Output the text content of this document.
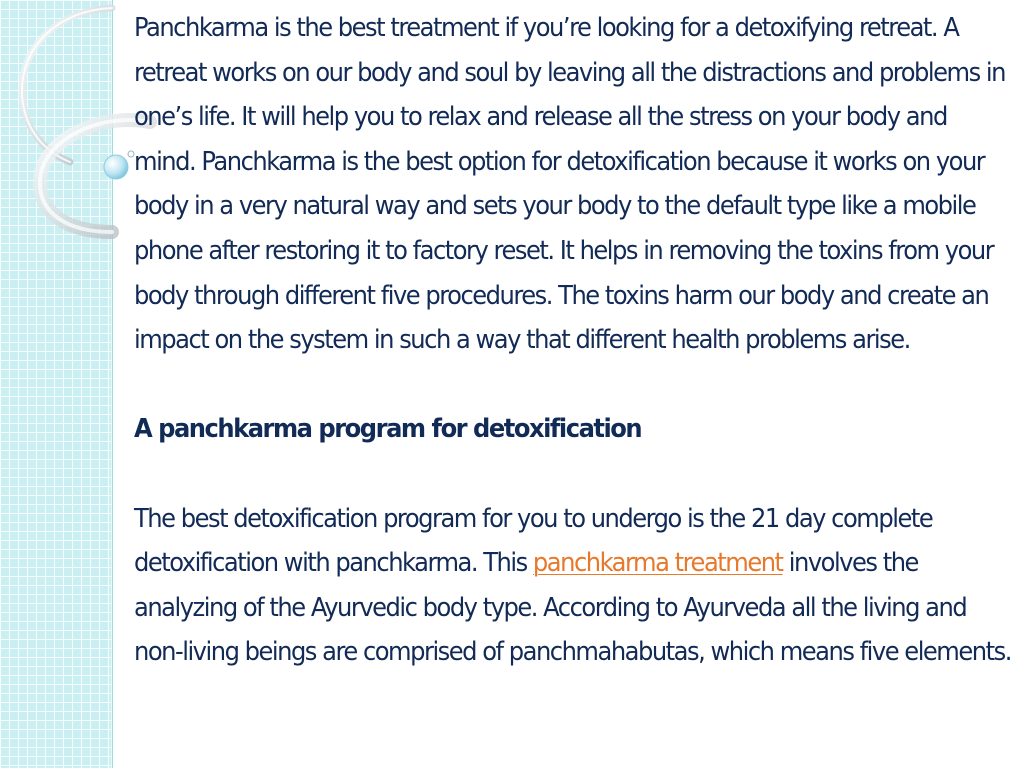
Panchkarma is the best treatment if you’re looking for a detoxifying retreat. A retreat works on our body and soul by leaving all the distractions and problems in one’s life. It will help you to relax and release all the stress on your body and mind. Panchkarma is the best option for detoxification because it works on your body in a very natural way and sets your body to the default type like a mobile phone after restoring it to factory reset. It helps in removing the toxins from your body through different five procedures. The toxins harm our body and create an impact on the system in such a way that different health problems arise.

A panchkarma program for detoxification

The best detoxification program for you to undergo is the 21 day complete detoxification with panchkarma. This panchkarma treatment involves the analyzing of the Ayurvedic body type. According to Ayurveda all the living and non-living beings are comprised of panchmahabutas, which means five elements.
